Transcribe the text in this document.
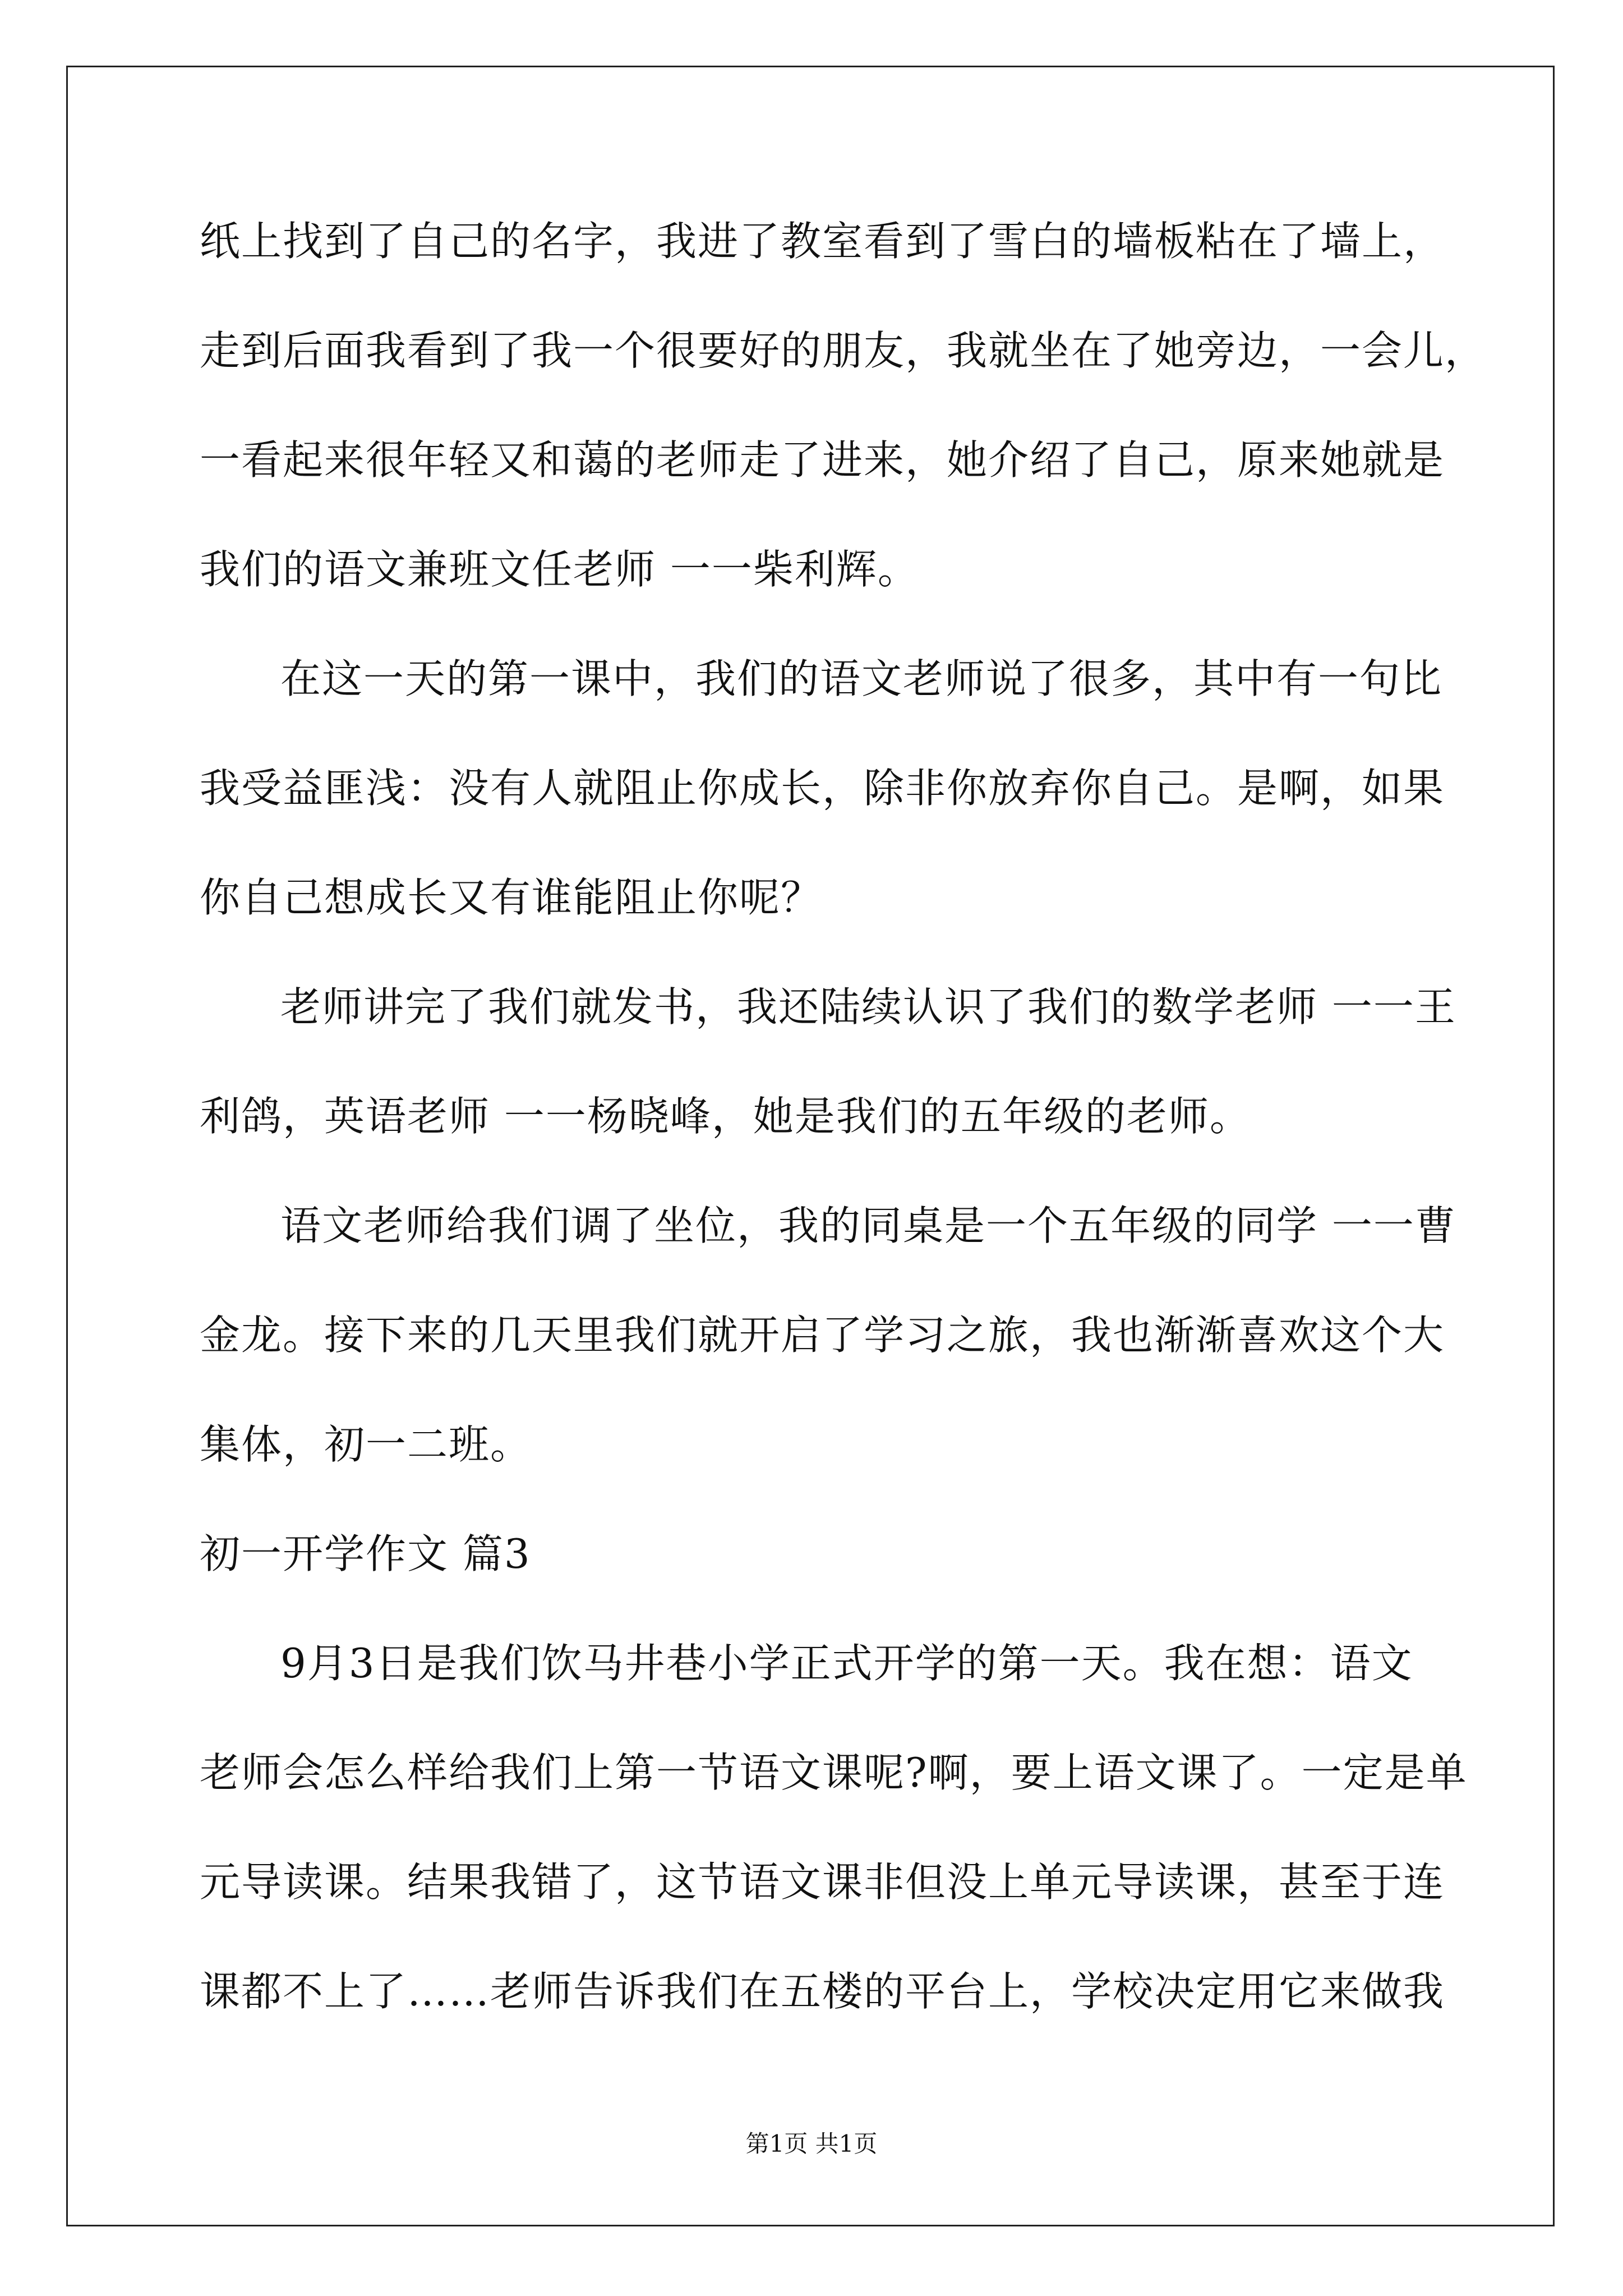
纸上找到了自己的名字，我进了教室看到了雪白的墙板粘在了墙上，
走到后面我看到了我一个很要好的朋友，我就坐在了她旁边，一会儿，
一看起来很年轻又和蔼的老师走了进来，她介绍了自己，原来她就是
我们的语文兼班文任老师 一一柴利辉。
在这一天的第一课中，我们的语文老师说了很多，其中有一句比
我受益匪浅：没有人就阻止你成长，除非你放弃你自己。是啊，如果
你自己想成长又有谁能阻止你呢？
老师讲完了我们就发书，我还陆续认识了我们的数学老师 一一王
利鸽，英语老师 一一杨晓峰，她是我们的五年级的老师。
语文老师给我们调了坐位，我的同桌是一个五年级的同学 一一曹
金龙。接下来的几天里我们就开启了学习之旅，我也渐渐喜欢这个大
集体，初一二班。
初一开学作文 篇3
9月3日是我们饮马井巷小学正式开学的第一天。我在想：语文
老师会怎么样给我们上第一节语文课呢?啊，要上语文课了。一定是单
元导读课。结果我错了，这节语文课非但没上单元导读课，甚至于连
课都不上了……老师告诉我们在五楼的平台上，学校决定用它来做我
第1页 共1页
